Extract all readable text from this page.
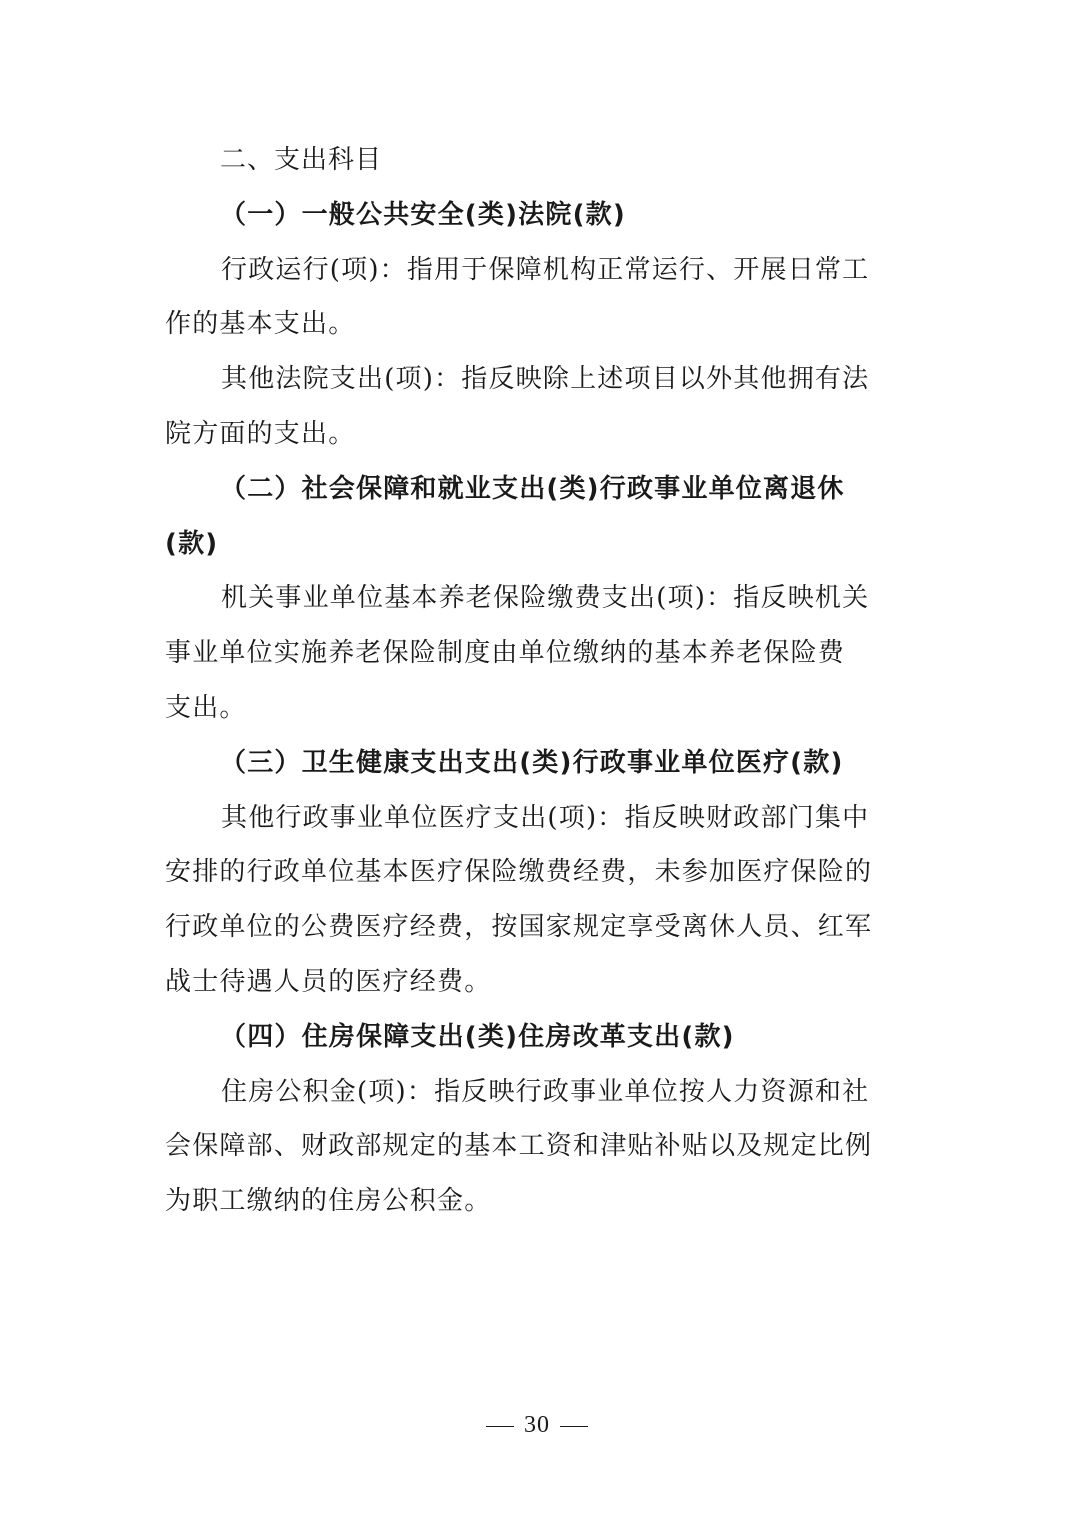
二、支出科目
（一）一般公共安全(类)法院(款)
行政运行(项)：指用于保障机构正常运行、开展日常工
作的基本支出。
其他法院支出(项)：指反映除上述项目以外其他拥有法
院方面的支出。
（二）社会保障和就业支出(类)行政事业单位离退休
(款)
机关事业单位基本养老保险缴费支出(项)：指反映机关
事业单位实施养老保险制度由单位缴纳的基本养老保险费
支出。
（三）卫生健康支出支出(类)行政事业单位医疗(款)
其他行政事业单位医疗支出(项)：指反映财政部门集中
安排的行政单位基本医疗保险缴费经费，未参加医疗保险的
行政单位的公费医疗经费，按国家规定享受离休人员、红军
战士待遇人员的医疗经费。
（四）住房保障支出(类)住房改革支出(款)
住房公积金(项)：指反映行政事业单位按人力资源和社
会保障部、财政部规定的基本工资和津贴补贴以及规定比例
为职工缴纳的住房公积金。
30
